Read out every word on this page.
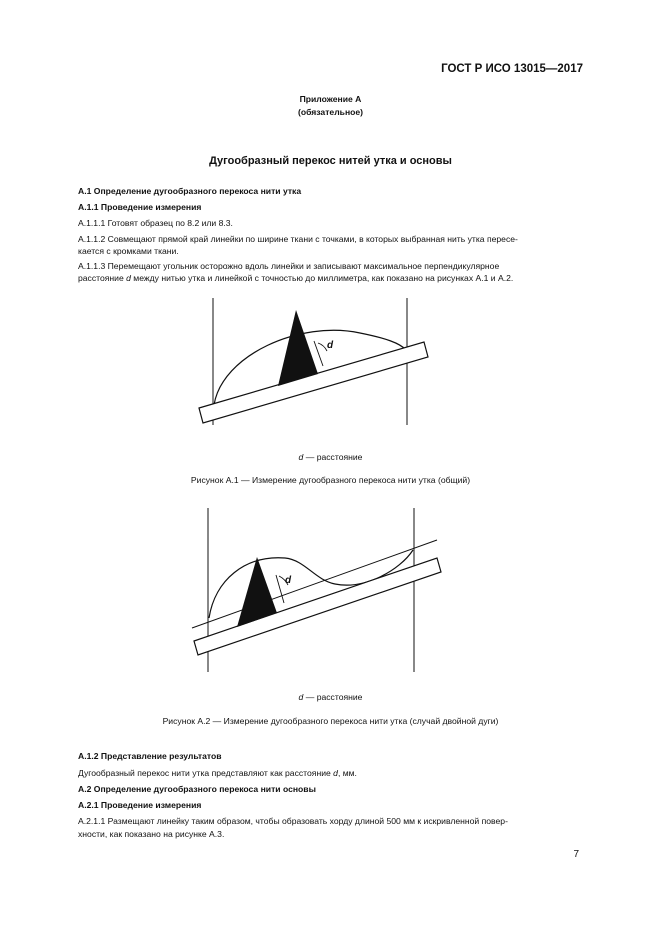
ГОСТ Р ИСО 13015—2017
Приложение А
(обязательное)
Дугообразный перекос нитей утка и основы
А.1 Определение дугообразного перекоса нити утка
А.1.1 Проведение измерения
А.1.1.1 Готовят образец по 8.2 или 8.3.
А.1.1.2 Совмещают прямой край линейки по ширине ткани с точками, в которых выбранная нить утка пересе-
кается с кромками ткани.
А.1.1.3 Перемещают угольник осторожно вдоль линейки и записывают максимальное перпендикулярное
расстояние d между нитью утка и линейкой с точностью до миллиметра, как показано на рисунках А.1 и А.2.
d
d — расстояние
Рисунок А.1 — Измерение дугообразного перекоса нити утка (общий)
d
d — расстояние
Рисунок А.2 — Измерение дугообразного перекоса нити утка (случай двойной дуги)
А.1.2 Представление результатов
Дугообразный перекос нити утка представляют как расстояние d, мм.
А.2 Определение дугообразного перекоса нити основы
А.2.1 Проведение измерения
А.2.1.1 Размещают линейку таким образом, чтобы образовать хорду длиной 500 мм к искривленной повер-
хности, как показано на рисунке А.3.
7
